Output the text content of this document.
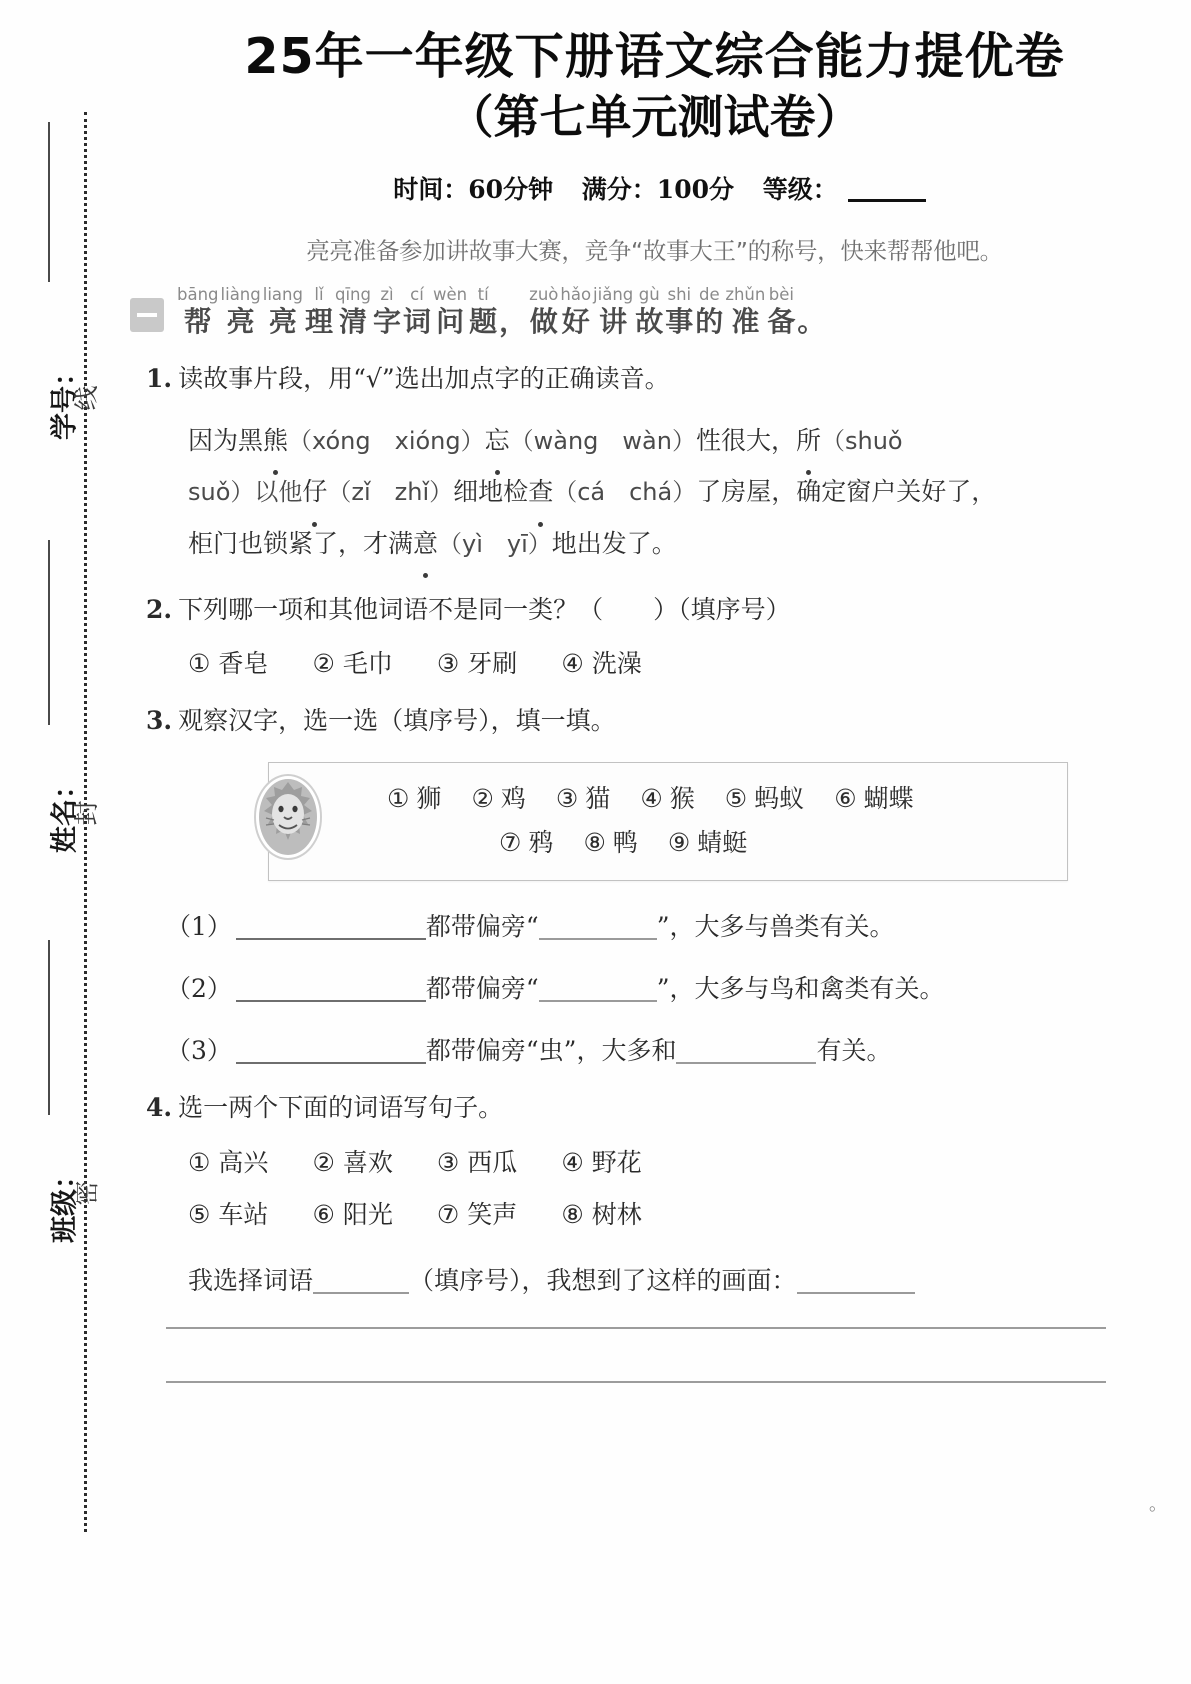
学号：
姓名：
班级：
线
封
密
25年一年级下册语文综合能力提优卷
（第七单元测试卷）
时间：60分钟 满分：100分 等级：
亮亮准备参加讲故事大赛，竞争“故事大王”的称号，快来帮帮他吧。
bāng
帮
liàng
亮
liang
亮
lǐ
理
qīng
清
zì
字
cí
词
wèn
问
tí
题 ，
zuò
做
hǎo
好
jiǎng
讲
gù
故
shi
事
de
的
zhǔn
准
bèi
备 。
1. 读故事片段，用“√”选出加点字的正确读音。
因为黑熊（xóng xióng）忘（wàng wàn）性很大，所（shuǒ
suǒ）以他仔（zǐ zhǐ）细地检查（cá chá）了房屋，确定窗户关好了，
柜门也锁紧了，才满意（yì yī）地出发了。
2. 下列哪一项和其他词语不是同一类？（  ）（填序号）
① 香皂 ② 毛巾 ③ 牙刷 ④ 洗澡
3. 观察汉字，选一选（填序号），填一填。
① 狮 ② 鸡 ③ 猫 ④ 猴 ⑤ 蚂蚁 ⑥ 蝴蝶
⑦ 鸦 ⑧ 鸭 ⑨ 蜻蜓
（1）	都带偏旁“	”，大多与兽类有关。
（2）	都带偏旁“	”，大多与鸟和禽类有关。
（3）	都带偏旁“虫”，大多和	有关。
4. 选一两个下面的词语写句子。
① 高兴 ② 喜欢 ③ 西瓜 ④ 野花
⑤ 车站 ⑥ 阳光 ⑦ 笑声 ⑧ 树林
我选择词语	（填序号），我想到了这样的画面：
。
